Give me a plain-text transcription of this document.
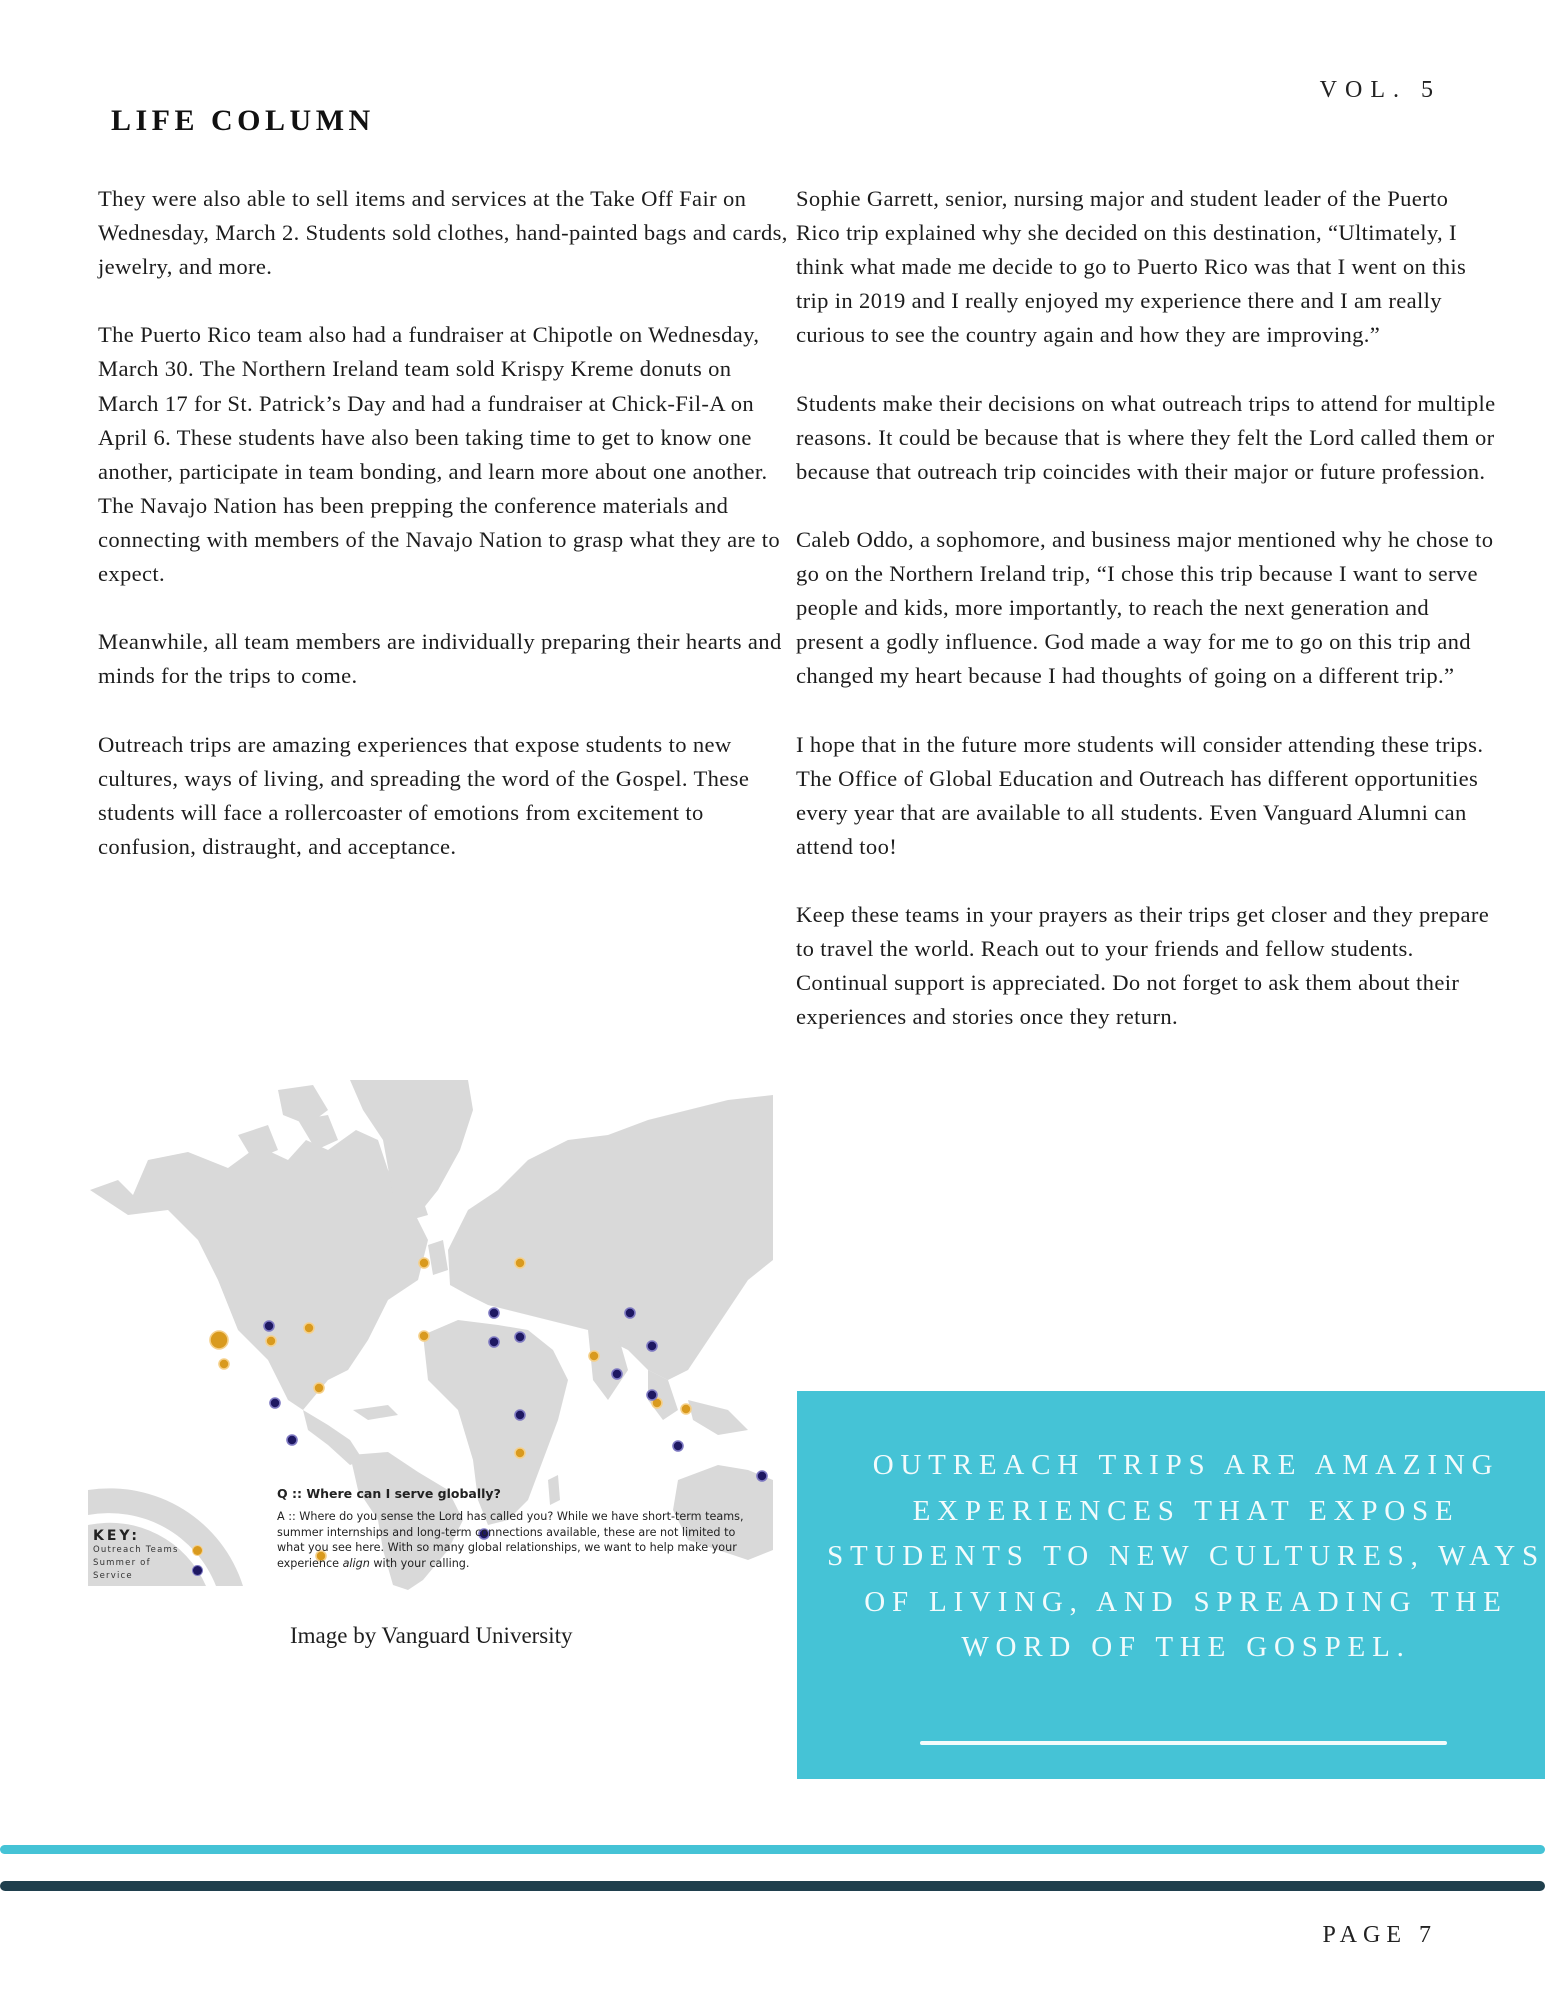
VOL. 5
LIFE COLUMN

They were also able to sell items and services at the Take Off Fair on Wednesday, March 2. Students sold clothes, hand-painted bags and cards, jewelry, and more.

The Puerto Rico team also had a fundraiser at Chipotle on Wednesday, March 30. The Northern Ireland team sold Krispy Kreme donuts on March 17 for St. Patrick’s Day and had a fundraiser at Chick-Fil-A on April 6. These students have also been taking time to get to know one another, participate in team bonding, and learn more about one another. The Navajo Nation has been prepping the conference materials and connecting with members of the Navajo Nation to grasp what they are to expect.

Meanwhile, all team members are individually preparing their hearts and minds for the trips to come.

Outreach trips are amazing experiences that expose students to new cultures, ways of living, and spreading the word of the Gospel. These students will face a rollercoaster of emotions from excitement to confusion, distraught, and acceptance.

Sophie Garrett, senior, nursing major and student leader of the Puerto Rico trip explained why she decided on this destination, “Ultimately, I think what made me decide to go to Puerto Rico was that I went on this trip in 2019 and I really enjoyed my experience there and I am really curious to see the country again and how they are improving.”

Students make their decisions on what outreach trips to attend for multiple reasons. It could be because that is where they felt the Lord called them or because that outreach trip coincides with their major or future profession.

Caleb Oddo, a sophomore, and business major mentioned why he chose to go on the Northern Ireland trip, “I chose this trip because I want to serve people and kids, more importantly, to reach the next generation and present a godly influence. God made a way for me to go on this trip and changed my heart because I had thoughts of going on a different trip.”

I hope that in the future more students will consider attending these trips. The Office of Global Education and Outreach has different opportunities every year that are available to all students. Even Vanguard Alumni can attend too!

Keep these teams in your prayers as their trips get closer and they prepare to travel the world. Reach out to your friends and fellow students. Continual support is appreciated. Do not forget to ask them about their experiences and stories once they return.

KEY:
Outreach Teams
Summer of Service
Q :: Where can I serve globally?
A :: Where do you sense the Lord has called you? While we have short-term teams, summer internships and long-term connections available, these are not limited to what you see here. With so many global relationships, we want to help make your experience align with your calling.
Image by Vanguard University
OUTREACH TRIPS ARE AMAZING EXPERIENCES THAT EXPOSE STUDENTS TO NEW CULTURES, WAYS OF LIVING, AND SPREADING THE WORD OF THE GOSPEL.
PAGE 7
